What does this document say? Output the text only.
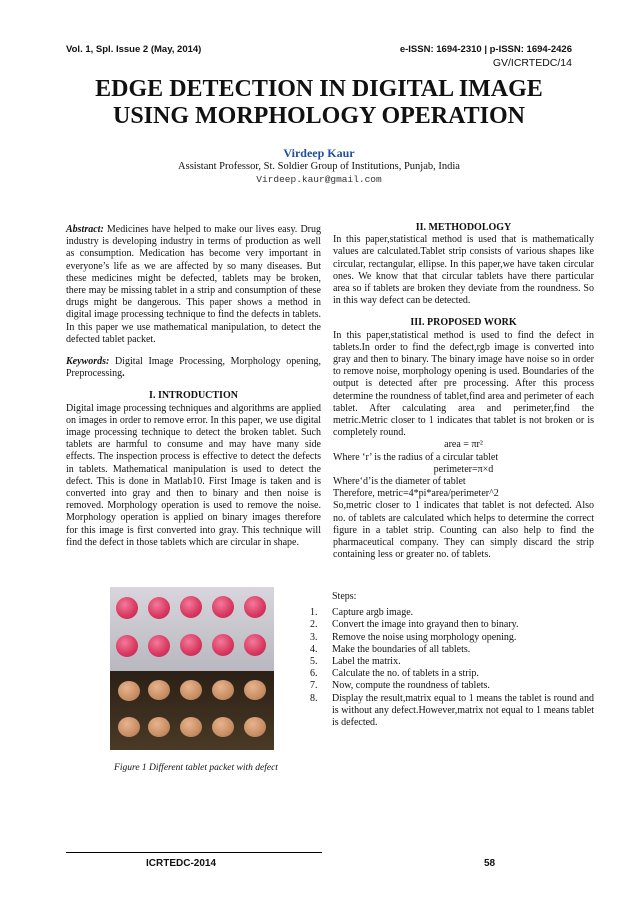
Vol. 1, Spl. Issue 2 (May, 2014)	e-ISSN: 1694-2310 | p-ISSN: 1694-2426
GV/ICRTEDC/14
EDGE DETECTION IN DIGITAL IMAGE
USING MORPHOLOGY OPERATION
Virdeep Kaur
Assistant Professor, St. Soldier Group of Institutions, Punjab, India
Virdeep.kaur@gmail.com

Abstract: Medicines have helped to make our lives easy. Drug industry is developing industry in terms of production as well as consumption. Medication has become very important in everyone’s life as we are affected by so many diseases. But these medicines might be defected, tablets may be broken, there may be missing tablet in a strip and consumption of these drugs might be dangerous. This paper shows a method in digital image processing technique to find the defects in tablets. In this paper we use mathematical manipulation, to detect the defected tablet packet.

Keywords: Digital Image Processing, Morphology opening, Preprocessing.

I. INTRODUCTION

Digital image processing techniques and algorithms are applied on images in order to remove error. In this paper, we use digital image processing technique to detect the broken tablet. Such tablets are harmful to consume and may have many side effects. The inspection process is effective to detect the defects in tablets. Mathematical manipulation is used to detect the defect. This is done in Matlab10. First Image is taken and is converted into gray and then to binary and then noise is removed. Morphology operation is used to remove the noise. Morphology operation is applied on binary images therefore for this image is first converted into gray. This technique will find the defect in those tablets which are circular in shape.

Figure 1 Different tablet packet with defect

II. METHODOLOGY

In this paper,statistical method is used that is mathematically values are calculated.Tablet strip consists of various shapes like circular, rectangular, ellipse. In this paper,we have taken circular ones. We know that that circular tablets have there particular area so if tablets are broken they deviate from the roundness. So in this way defect can be detected.

III. PROPOSED WORK

In this paper,statistical method is used to find the defect in tablets.In order to find the defect,rgb image is converted into gray and then to binary. The binary image have noise so in order to remove noise, morphology opening is used. Boundaries of the output is detected after pre processing. After this process determine the roundness of tablet,find area and perimeter of each tablet. After calculating area and perimeter,find the metric.Metric closer to 1 indicates that tablet is not broken or is completely round.

area = πr²

Where ‘r’ is the radius of a circular tablet

perimeter=π×d

Where‘d’is the diameter of tablet

Therefore, metric=4*pi*area/perimeter^2

So,metric closer to 1 indicates that tablet is not defected. Also no. of tablets are calculated which helps to determine the correct figure in a tablet strip. Counting can also help to find the pharmaceutical company. They can simply discard the strip containing less or greater no. of tablets.

Steps:

1.	Capture argb image.
2.	Convert the image into grayand then to binary.
3.	Remove the noise using morphology opening.
4.	Make the boundaries of all tablets.
5.	Label the matrix.
6.	Calculate the no. of tablets in a strip.
7.	Now, compute the roundness of tablets.
8.	Display the result,matrix equal to 1 means the tablet is round and is without any defect.However,matrix not equal to 1 means tablet is defected.
ICRTEDC-2014	58
